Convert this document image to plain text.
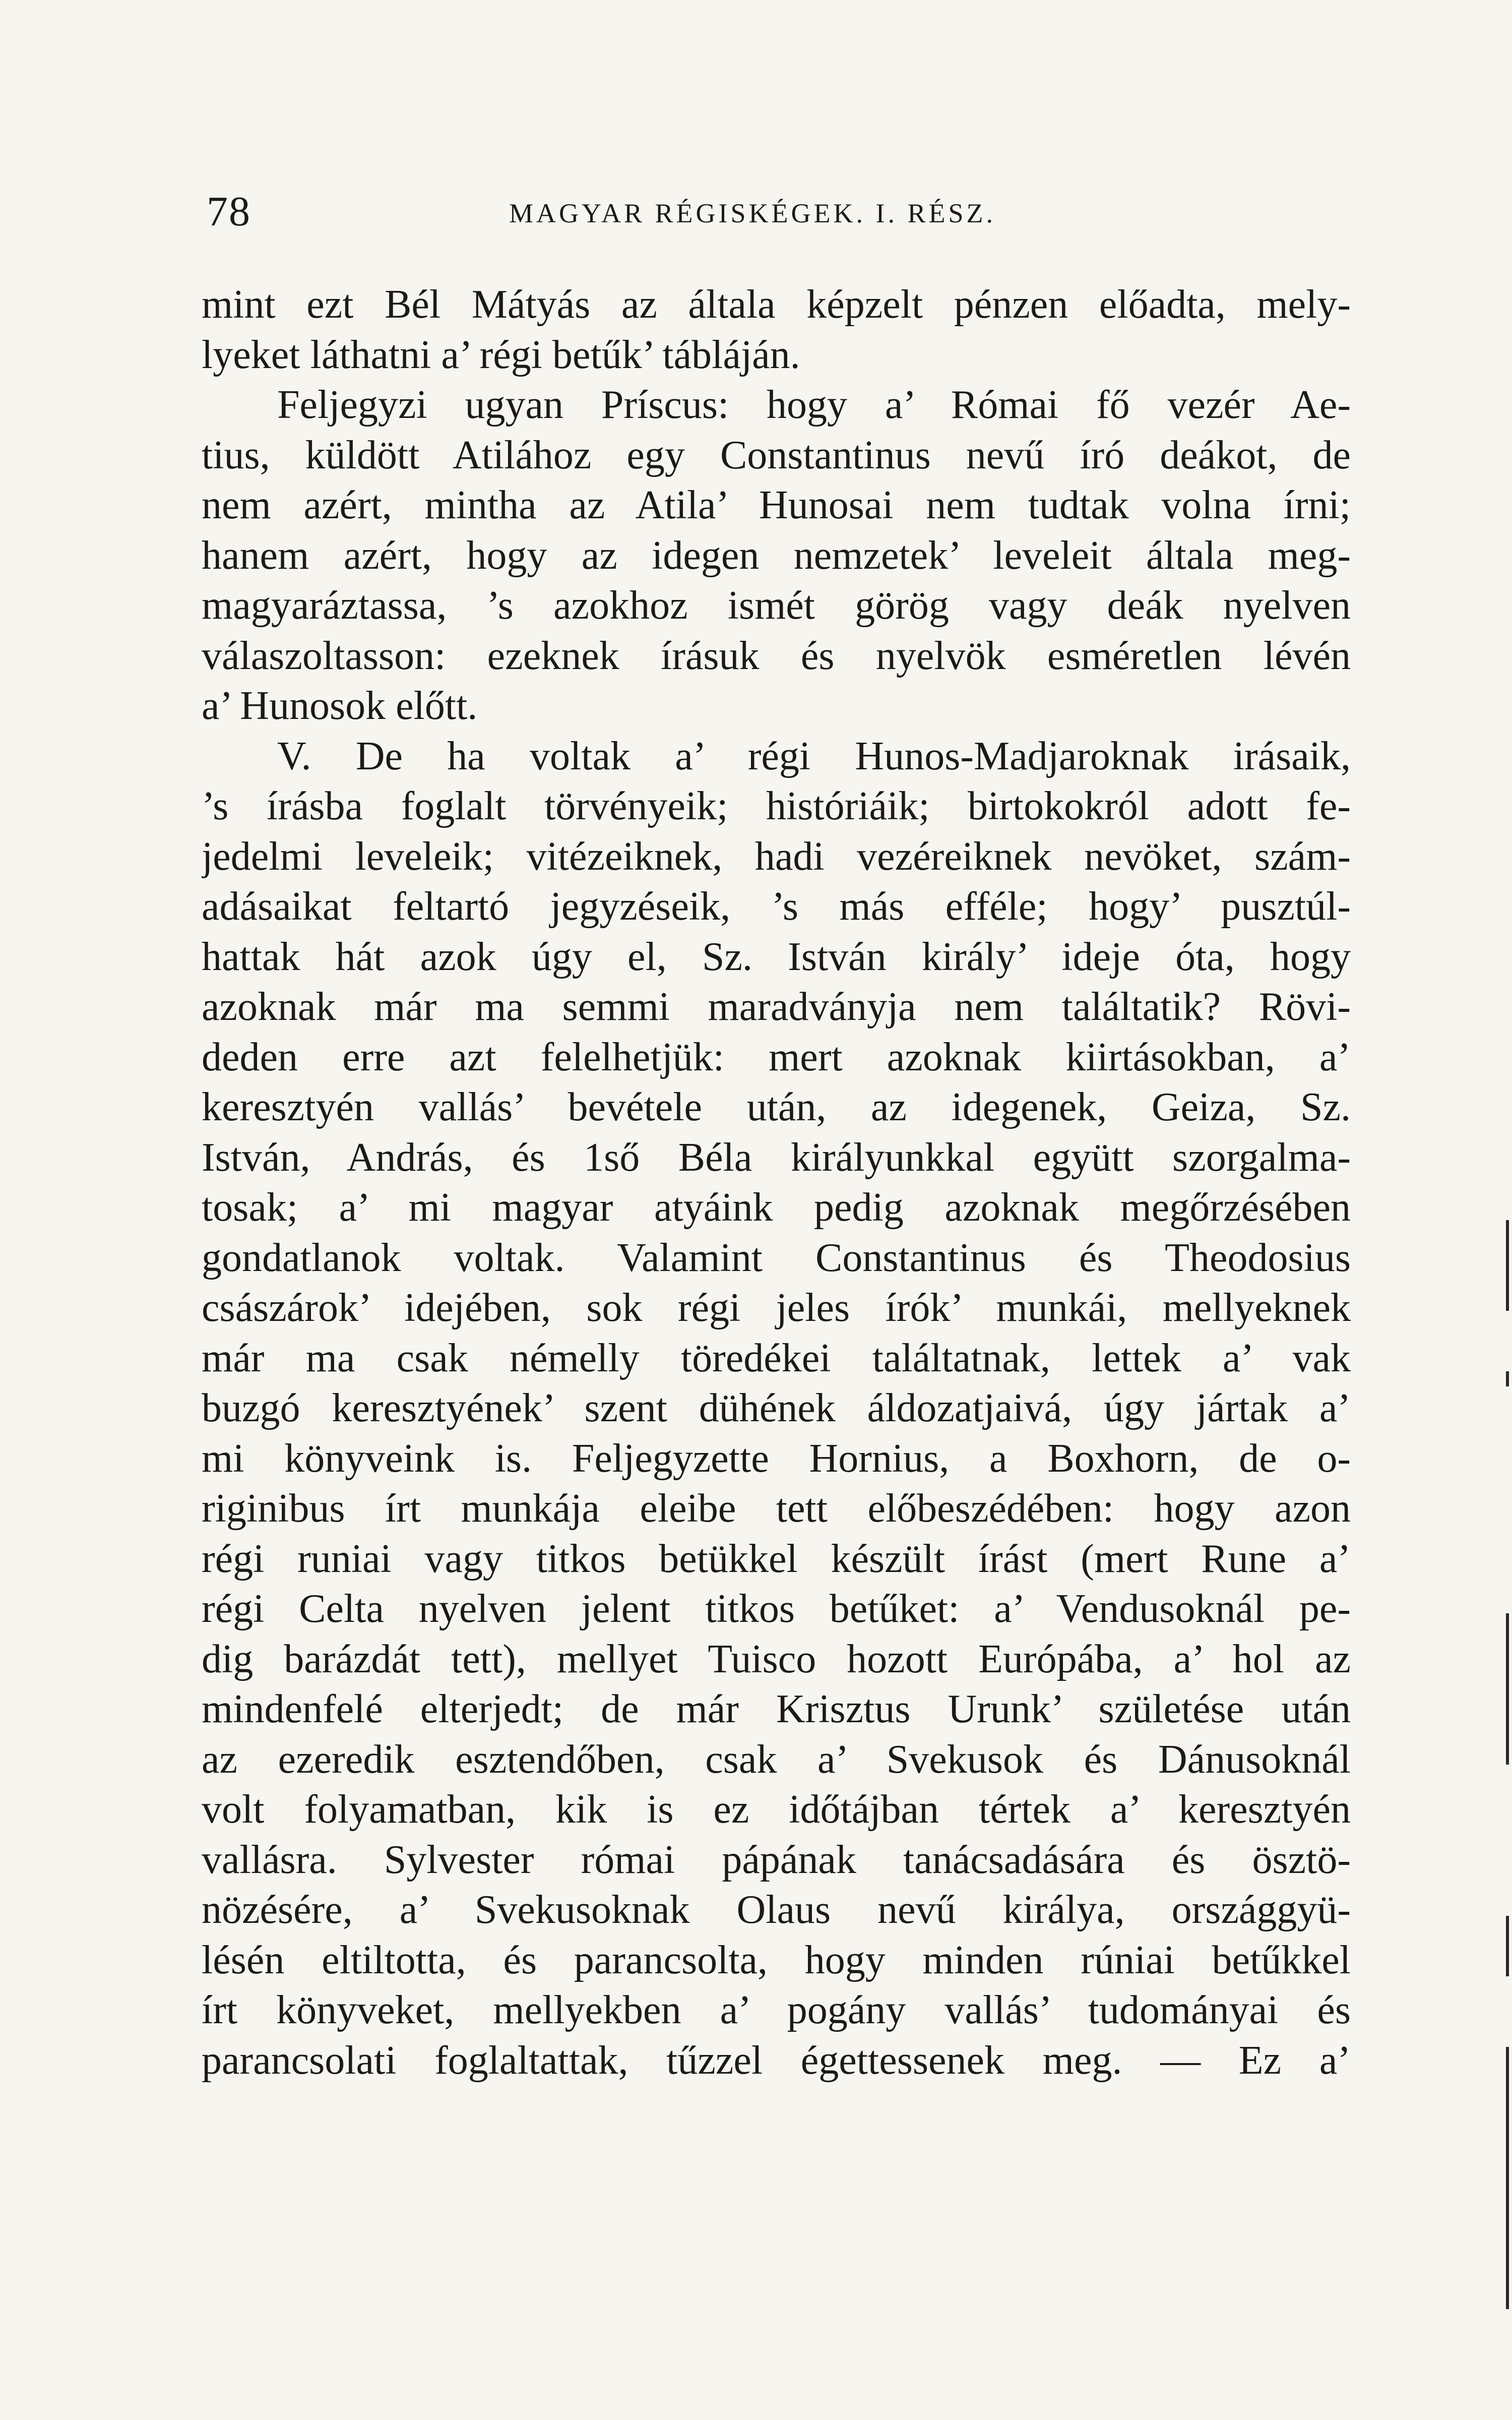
78	MAGYAR RÉGISKÉGEK. I. RÉSZ.
mint ezt Bél Mátyás az általa képzelt pénzen előadta, mely-
lyeket láthatni a’ régi betűk’ tábláján.
Feljegyzi ugyan Príscus: hogy a’ Római fő vezér Ae-
tius, küldött Atilához egy Constantinus nevű író deákot, de
nem azért, mintha az Atila’ Hunosai nem tudtak volna írni;
hanem azért, hogy az idegen nemzetek’ leveleit általa meg-
magyaráztassa, ’s azokhoz ismét görög vagy deák nyelven
válaszoltasson: ezeknek írásuk és nyelvök esméretlen lévén
a’ Hunosok előtt.
V. De ha voltak a’ régi Hunos-Madjaroknak irásaik,
’s írásba foglalt törvényeik; históriáik; birtokokról adott fe-
jedelmi leveleik; vitézeiknek, hadi vezéreiknek nevöket, szám-
adásaikat feltartó jegyzéseik, ’s más efféle; hogy’ pusztúl-
hattak hát azok úgy el, Sz. István király’ ideje óta, hogy
azoknak már ma semmi maradványja nem találtatik? Rövi-
deden erre azt felelhetjük: mert azoknak kiirtásokban, a’
keresztyén vallás’ bevétele után, az idegenek, Geiza, Sz.
István, András, és 1ső Béla királyunkkal együtt szorgalma-
tosak; a’ mi magyar atyáink pedig azoknak megőrzésében
gondatlanok voltak. Valamint Constantinus és Theodosius
császárok’ idejében, sok régi jeles írók’ munkái, mellyeknek
már ma csak némelly töredékei találtatnak, lettek a’ vak
buzgó keresztyének’ szent dühének áldozatjaivá, úgy jártak a’
mi könyveink is. Feljegyzette Hornius, a Boxhorn, de o-
riginibus írt munkája eleibe tett előbeszédében: hogy azon
régi runiai vagy titkos betükkel készült írást (mert Rune a’
régi Celta nyelven jelent titkos betűket: a’ Vendusoknál pe-
dig barázdát tett), mellyet Tuisco hozott Európába, a’ hol az
mindenfelé elterjedt; de már Krisztus Urunk’ születése után
az ezeredik esztendőben, csak a’ Svekusok és Dánusoknál
volt folyamatban, kik is ez időtájban tértek a’ keresztyén
vallásra. Sylvester római pápának tanácsadására és ösztö-
nözésére, a’ Svekusoknak Olaus nevű királya, országgyü-
lésén eltiltotta, és parancsolta, hogy minden rúniai betűkkel
írt könyveket, mellyekben a’ pogány vallás’ tudományai és
parancsolati foglaltattak, tűzzel égettessenek meg. — Ez a’
